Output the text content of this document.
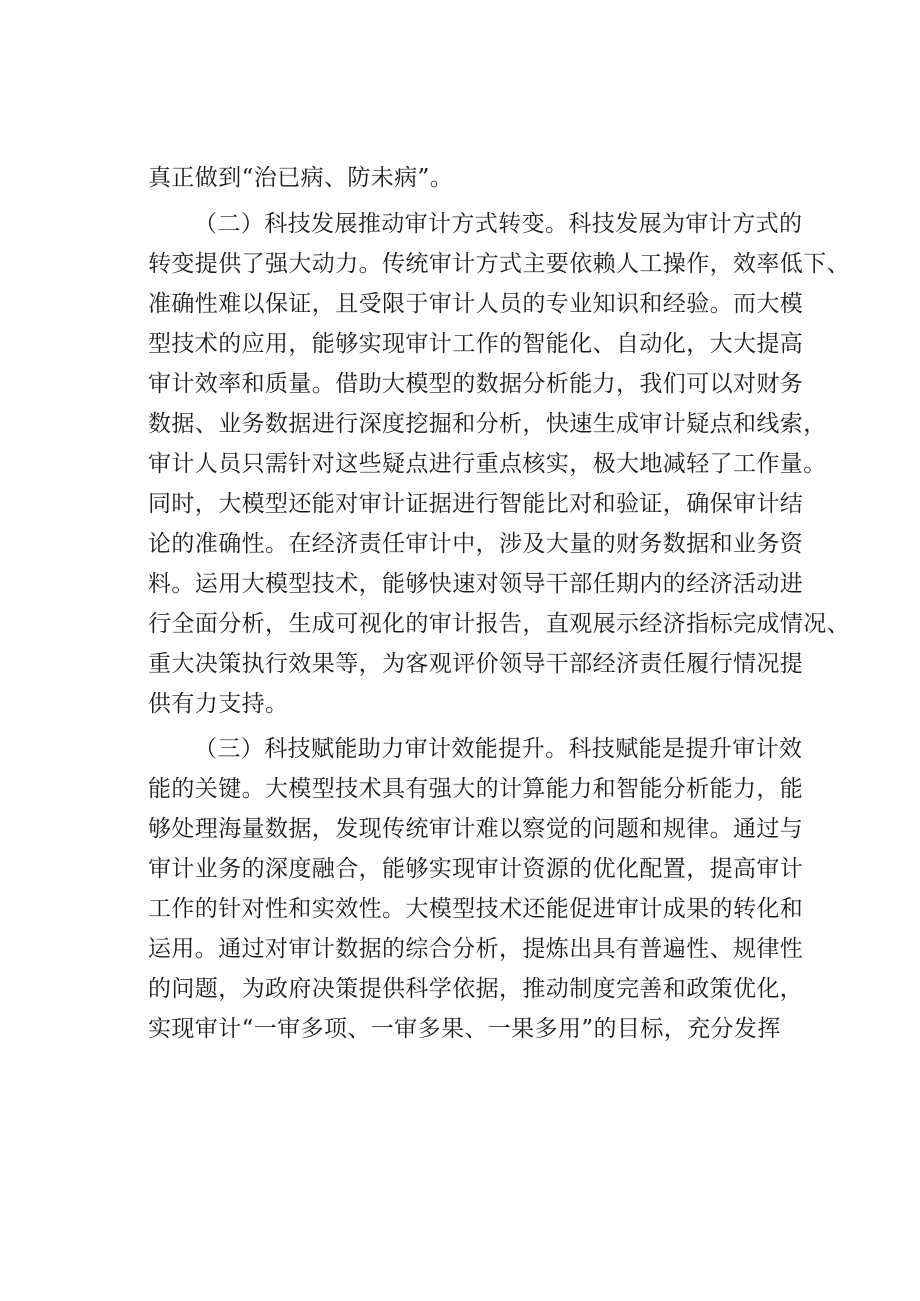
真正做到“治已病、防未病”。
（二）科技发展推动审计方式转变。科技发展为审计方式的
转变提供了强大动力。传统审计方式主要依赖人工操作，效率低下、
准确性难以保证，且受限于审计人员的专业知识和经验。而大模
型技术的应用，能够实现审计工作的智能化、自动化，大大提高
审计效率和质量。借助大模型的数据分析能力，我们可以对财务
数据、业务数据进行深度挖掘和分析，快速生成审计疑点和线索，
审计人员只需针对这些疑点进行重点核实，极大地减轻了工作量。
同时，大模型还能对审计证据进行智能比对和验证，确保审计结
论的准确性。在经济责任审计中，涉及大量的财务数据和业务资
料。运用大模型技术，能够快速对领导干部任期内的经济活动进
行全面分析，生成可视化的审计报告，直观展示经济指标完成情况、
重大决策执行效果等，为客观评价领导干部经济责任履行情况提
供有力支持。
（三）科技赋能助力审计效能提升。科技赋能是提升审计效
能的关键。大模型技术具有强大的计算能力和智能分析能力，能
够处理海量数据，发现传统审计难以察觉的问题和规律。通过与
审计业务的深度融合，能够实现审计资源的优化配置，提高审计
工作的针对性和实效性。大模型技术还能促进审计成果的转化和
运用。通过对审计数据的综合分析，提炼出具有普遍性、规律性
的问题，为政府决策提供科学依据，推动制度完善和政策优化，
实现审计“一审多项、一审多果、一果多用”的目标，充分发挥
